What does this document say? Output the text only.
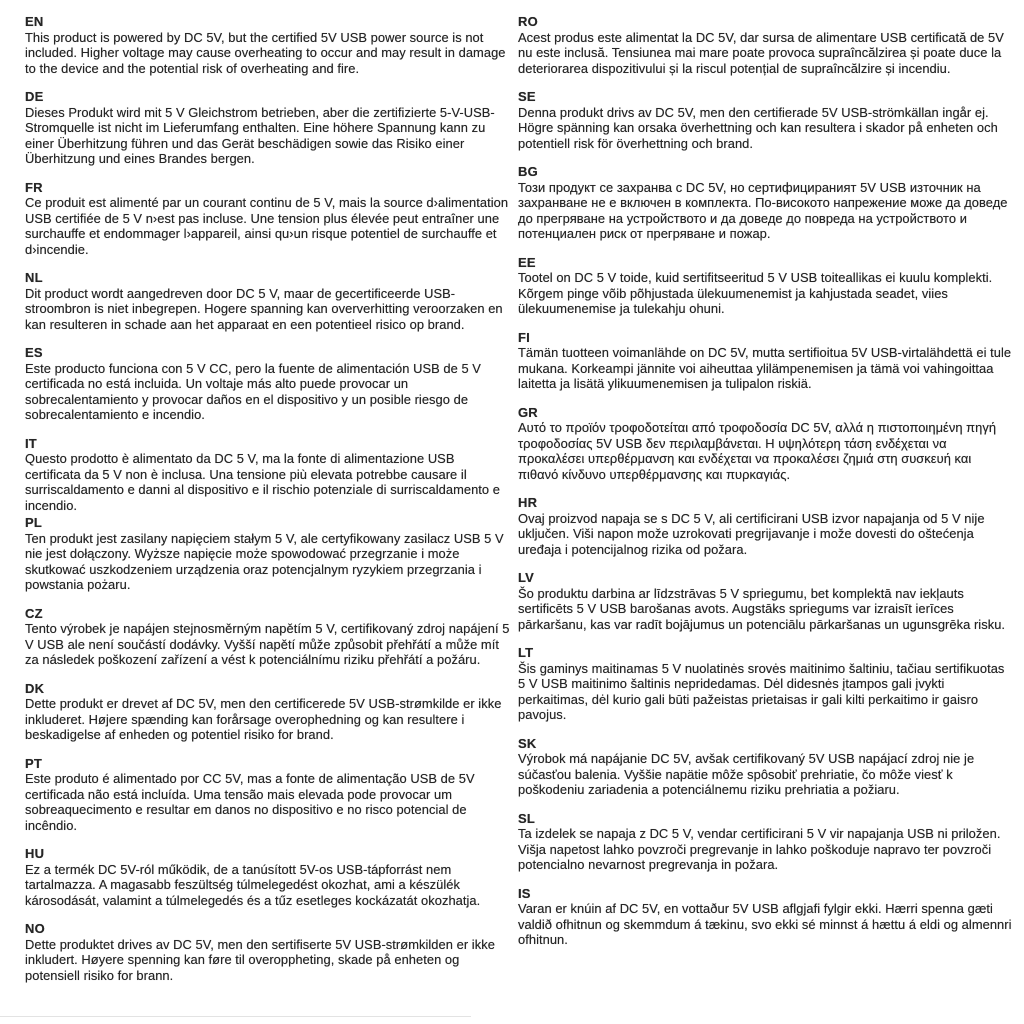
EN
This product is powered by DC 5V, but the certified 5V USB power source is not included. Higher voltage may cause overheating to occur and may result in damage to the device and the potential risk of overheating and fire.
DE
Dieses Produkt wird mit 5 V Gleichstrom betrieben, aber die zertifizierte 5-V-USB-Stromquelle ist nicht im Lieferumfang enthalten. Eine höhere Spannung kann zu einer Überhitzung führen und das Gerät beschädigen sowie das Risiko einer Überhitzung und eines Brandes bergen.
FR
Ce produit est alimenté par un courant continu de 5 V, mais la source d›alimentation USB certifiée de 5 V n›est pas incluse. Une tension plus élevée peut entraîner une surchauffe et endommager l›appareil, ainsi qu›un risque potentiel de surchauffe et d›incendie.
NL
Dit product wordt aangedreven door DC 5 V, maar de gecertificeerde USB-stroombron is niet inbegrepen. Hogere spanning kan oververhitting veroorzaken en kan resulteren in schade aan het apparaat en een potentieel risico op brand.
ES
Este producto funciona con 5 V CC, pero la fuente de alimentación USB de 5 V certificada no está incluida. Un voltaje más alto puede provocar un sobrecalentamiento y provocar daños en el dispositivo y un posible riesgo de sobrecalentamiento e incendio.
IT
Questo prodotto è alimentato da DC 5 V, ma la fonte di alimentazione USB certificata da 5 V non è inclusa. Una tensione più elevata potrebbe causare il surriscaldamento e danni al dispositivo e il rischio potenziale di surriscaldamento e incendio.
PL
Ten produkt jest zasilany napięciem stałym 5 V, ale certyfikowany zasilacz USB 5 V nie jest dołączony. Wyższe napięcie może spowodować przegrzanie i może skutkować uszkodzeniem urządzenia oraz potencjalnym ryzykiem przegrzania i powstania pożaru.
CZ
Tento výrobek je napájen stejnosměrným napětím 5 V, certifikovaný zdroj napájení 5 V USB ale není součástí dodávky. Vyšší napětí může způsobit přehřátí a může mít za následek poškození zařízení a vést k potenciálnímu riziku přehřátí a požáru.
DK
Dette produkt er drevet af DC 5V, men den certificerede 5V USB-strømkilde er ikke inkluderet. Højere spænding kan forårsage overophedning og kan resultere i beskadigelse af enheden og potentiel risiko for brand.
PT
Este produto é alimentado por CC 5V, mas a fonte de alimentação USB de 5V certificada não está incluída. Uma tensão mais elevada pode provocar um sobreaquecimento e resultar em danos no dispositivo e no risco potencial de incêndio.
HU
Ez a termék DC 5V-ról működik, de a tanúsított 5V-os USB-tápforrást nem tartalmazza. A magasabb feszültség túlmelegedést okozhat, ami a készülék károsodását, valamint a túlmelegedés és a tűz esetleges kockázatát okozhatja.
NO
Dette produktet drives av DC 5V, men den sertifiserte 5V USB-strømkilden er ikke inkludert. Høyere spenning kan føre til overoppheting, skade på enheten og potensiell risiko for brann.
RO
Acest produs este alimentat la DC 5V, dar sursa de alimentare USB certificată de 5V nu este inclusă. Tensiunea mai mare poate provoca supraîncălzirea și poate duce la deteriorarea dispozitivului și la riscul potențial de supraîncălzire și incendiu.
SE
Denna produkt drivs av DC 5V, men den certifierade 5V USB-strömkällan ingår ej. Högre spänning kan orsaka överhettning och kan resultera i skador på enheten och potentiell risk för överhettning och brand.
BG
Този продукт се захранва с DC 5V, но сертифицираният 5V USB източник на захранване не е включен в комплекта. По-високото напрежение може да доведе до прегряване на устройството и да доведе до повреда на устройството и потенциален риск от прегряване и пожар.
EE
Tootel on DC 5 V toide, kuid sertifitseeritud 5 V USB toiteallikas ei kuulu komplekti. Kõrgem pinge võib põhjustada ülekuumenemist ja kahjustada seadet, viies ülekuumenemise ja tulekahju ohuni.
FI
Tämän tuotteen voimanlähde on DC 5V, mutta sertifioitua 5V USB-virtalähdettä ei tule mukana. Korkeampi jännite voi aiheuttaa ylilämpenemisen ja tämä voi vahingoittaa laitetta ja lisätä ylikuumenemisen ja tulipalon riskiä.
GR
Αυτό το προϊόν τροφοδοτείται από τροφοδοσία DC 5V, αλλά η πιστοποιημένη πηγή τροφοδοσίας 5V USB δεν περιλαμβάνεται. Η υψηλότερη τάση ενδέχεται να προκαλέσει υπερθέρμανση και ενδέχεται να προκαλέσει ζημιά στη συσκευή και πιθανό κίνδυνο υπερθέρμανσης και πυρκαγιάς.
HR
Ovaj proizvod napaja se s DC 5 V, ali certificirani USB izvor napajanja od 5 V nije uključen. Viši napon može uzrokovati pregrijavanje i može dovesti do oštećenja uređaja i potencijalnog rizika od požara.
LV
Šo produktu darbina ar līdzstrāvas 5 V spriegumu, bet komplektā nav iekļauts sertificēts 5 V USB barošanas avots. Augstāks spriegums var izraisīt ierīces pārkaršanu, kas var radīt bojājumus un potenciālu pārkaršanas un ugunsgrēka risku.
LT
Šis gaminys maitinamas 5 V nuolatinės srovės maitinimo šaltiniu, tačiau sertifikuotas 5 V USB maitinimo šaltinis nepridedamas. Dėl didesnės įtampos gali įvykti perkaitimas, dėl kurio gali būti pažeistas prietaisas ir gali kilti perkaitimo ir gaisro pavojus.
SK
Výrobok má napájanie DC 5V, avšak certifikovaný 5V USB napájací zdroj nie je súčasťou balenia. Vyššie napätie môže spôsobiť prehriatie, čo môže viesť k poškodeniu zariadenia a potenciálnemu riziku prehriatia a požiaru.
SL
Ta izdelek se napaja z DC 5 V, vendar certificirani 5 V vir napajanja USB ni priložen. Višja napetost lahko povzroči pregrevanje in lahko poškoduje napravo ter povzroči potencialno nevarnost pregrevanja in požara.
IS
Varan er knúin af DC 5V, en vottaður 5V USB aflgjafi fylgir ekki. Hærri spenna gæti valdið ofhitnun og skemmdum á tækinu, svo ekki sé minnst á hættu á eldi og almennri ofhitnun.
